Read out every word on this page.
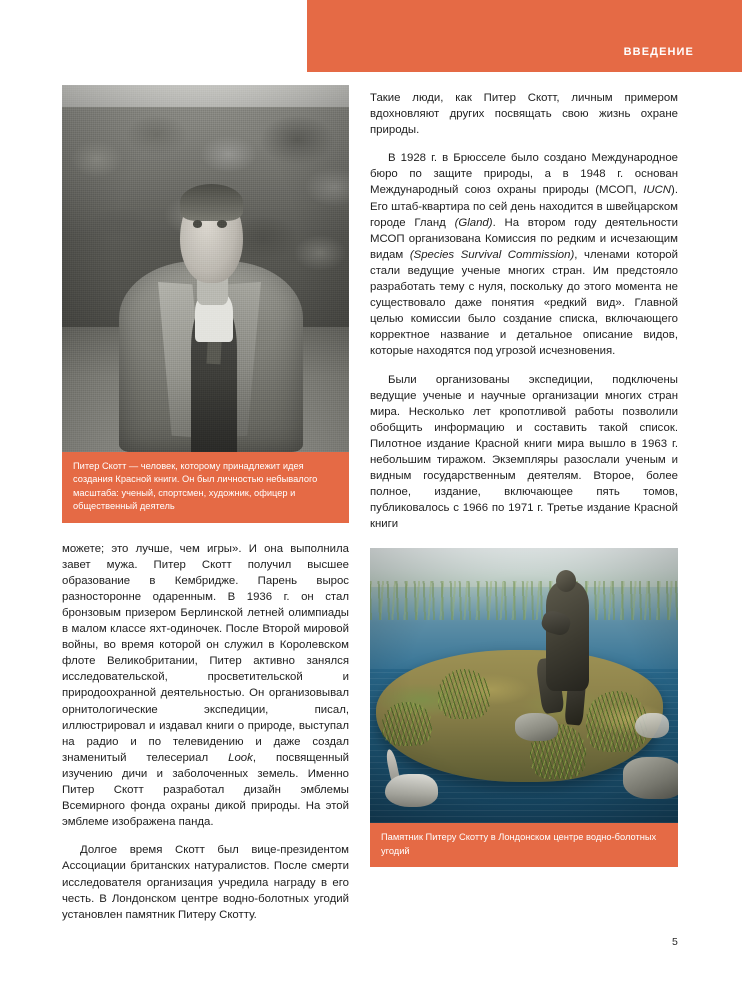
ВВЕДЕНИЕ
Питер Скотт — человек, которому принадлежит идея создания Красной книги. Он был личностью небывалого масштаба: ученый, спортсмен, художник, офицер и общественный деятель

можете; это лучше, чем игры». И она выполнила завет мужа. Питер Скотт получил высшее образование в Кембридже. Парень вырос разносторонне одаренным. В 1936 г. он стал бронзовым призером Берлинской летней олимпиады в малом классе яхт-одиночек. После Второй мировой войны, во время которой он служил в Королевском флоте Великобритании, Питер активно занялся исследовательской, просветительской и природоохранной деятельностью. Он организовывал орнитологические экспедиции, писал, иллюстрировал и издавал книги о природе, выступал на радио и по телевидению и даже создал знаменитый телесериал Look, посвященный изучению дичи и заболоченных земель. Именно Питер Скотт разработал дизайн эмблемы Всемирного фонда охраны дикой природы. На этой эмблеме изображена панда.

Долгое время Скотт был вице-президентом Ассоциации британских натуралистов. После смерти исследователя организация учредила награду в его честь. В Лондонском центре водно-болотных угодий установлен памятник Питеру Скотту.

Такие люди, как Питер Скотт, личным примером вдохновляют других посвящать свою жизнь охране природы.

В 1928 г. в Брюсселе было создано Международное бюро по защите природы, а в 1948 г. основан Международный союз охраны природы (МСОП, IUCN). Его штаб-квартира по сей день находится в швейцарском городе Гланд (Gland). На втором году деятельности МСОП организована Комиссия по редким и исчезающим видам (Species Survival Commission), членами которой стали ведущие ученые многих стран. Им предстояло разработать тему с нуля, поскольку до этого момента не существовало даже понятия «редкий вид». Главной целью комиссии было создание списка, включающего корректное название и детальное описание видов, которые находятся под угрозой исчезновения.

Были организованы экспедиции, подключены ведущие ученые и научные организации многих стран мира. Несколько лет кропотливой работы позволили обобщить информацию и составить такой список. Пилотное издание Красной книги мира вышло в 1963 г. небольшим тиражом. Экземпляры разослали ученым и видным государственным деятелям. Второе, более полное, издание, включающее пять томов, публиковалось с 1966 по 1971 г. Третье издание Красной книги

Памятник Питеру Скотту в Лондонском центре водно-болотных угодий
5
